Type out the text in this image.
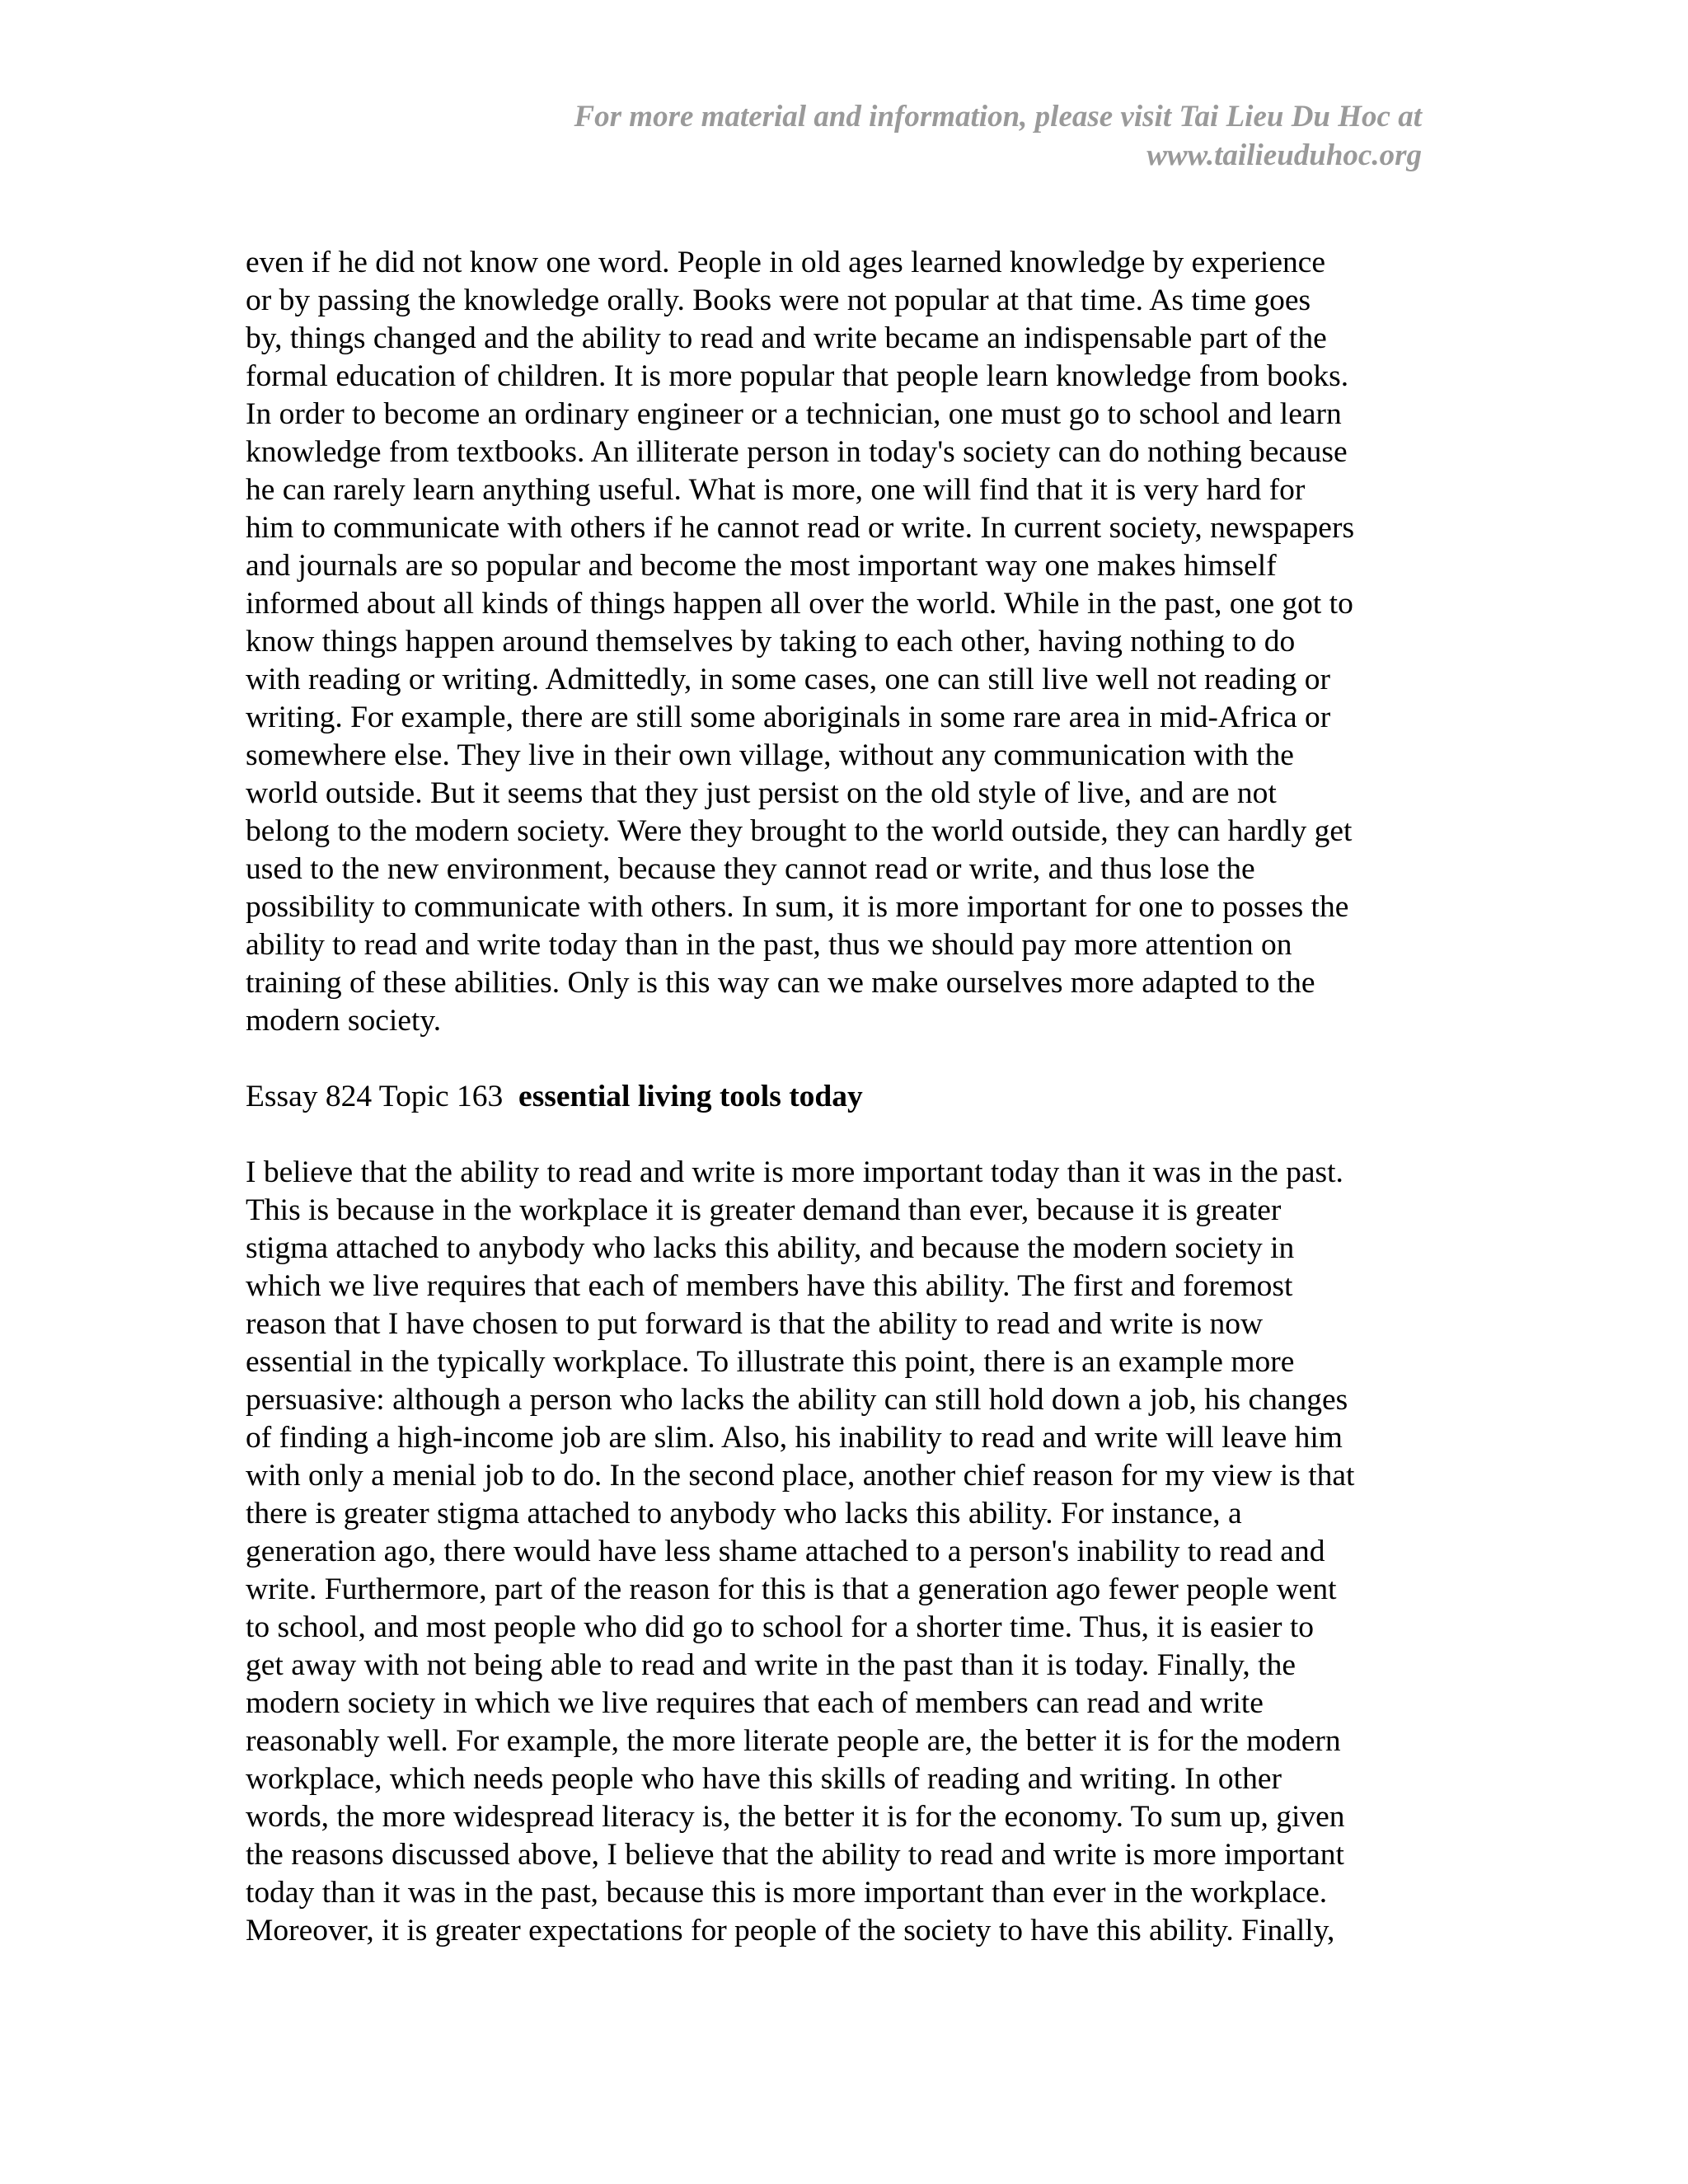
For more material and information, please visit Tai Lieu Du Hoc at
www.tailieuduhoc.org
even if he did not know one word. People in old ages learned knowledge by experience
or by passing the knowledge orally. Books were not popular at that time. As time goes
by, things changed and the ability to read and write became an indispensable part of the
formal education of children. It is more popular that people learn knowledge from books.
In order to become an ordinary engineer or a technician, one must go to school and learn
knowledge from textbooks. An illiterate person in today's society can do nothing because
he can rarely learn anything useful. What is more, one will find that it is very hard for
him to communicate with others if he cannot read or write. In current society, newspapers
and journals are so popular and become the most important way one makes himself
informed about all kinds of things happen all over the world. While in the past, one got to
know things happen around themselves by taking to each other, having nothing to do
with reading or writing. Admittedly, in some cases, one can still live well not reading or
writing. For example, there are still some aboriginals in some rare area in mid-Africa or
somewhere else. They live in their own village, without any communication with the
world outside. But it seems that they just persist on the old style of live, and are not
belong to the modern society. Were they brought to the world outside, they can hardly get
used to the new environment, because they cannot read or write, and thus lose the
possibility to communicate with others. In sum, it is more important for one to posses the
ability to read and write today than in the past, thus we should pay more attention on
training of these abilities. Only is this way can we make ourselves more adapted to the
modern society.
Essay 824 Topic 163 essential living tools today
I believe that the ability to read and write is more important today than it was in the past.
This is because in the workplace it is greater demand than ever, because it is greater
stigma attached to anybody who lacks this ability, and because the modern society in
which we live requires that each of members have this ability. The first and foremost
reason that I have chosen to put forward is that the ability to read and write is now
essential in the typically workplace. To illustrate this point, there is an example more
persuasive: although a person who lacks the ability can still hold down a job, his changes
of finding a high-income job are slim. Also, his inability to read and write will leave him
with only a menial job to do. In the second place, another chief reason for my view is that
there is greater stigma attached to anybody who lacks this ability. For instance, a
generation ago, there would have less shame attached to a person's inability to read and
write. Furthermore, part of the reason for this is that a generation ago fewer people went
to school, and most people who did go to school for a shorter time. Thus, it is easier to
get away with not being able to read and write in the past than it is today. Finally, the
modern society in which we live requires that each of members can read and write
reasonably well. For example, the more literate people are, the better it is for the modern
workplace, which needs people who have this skills of reading and writing. In other
words, the more widespread literacy is, the better it is for the economy. To sum up, given
the reasons discussed above, I believe that the ability to read and write is more important
today than it was in the past, because this is more important than ever in the workplace.
Moreover, it is greater expectations for people of the society to have this ability. Finally,
